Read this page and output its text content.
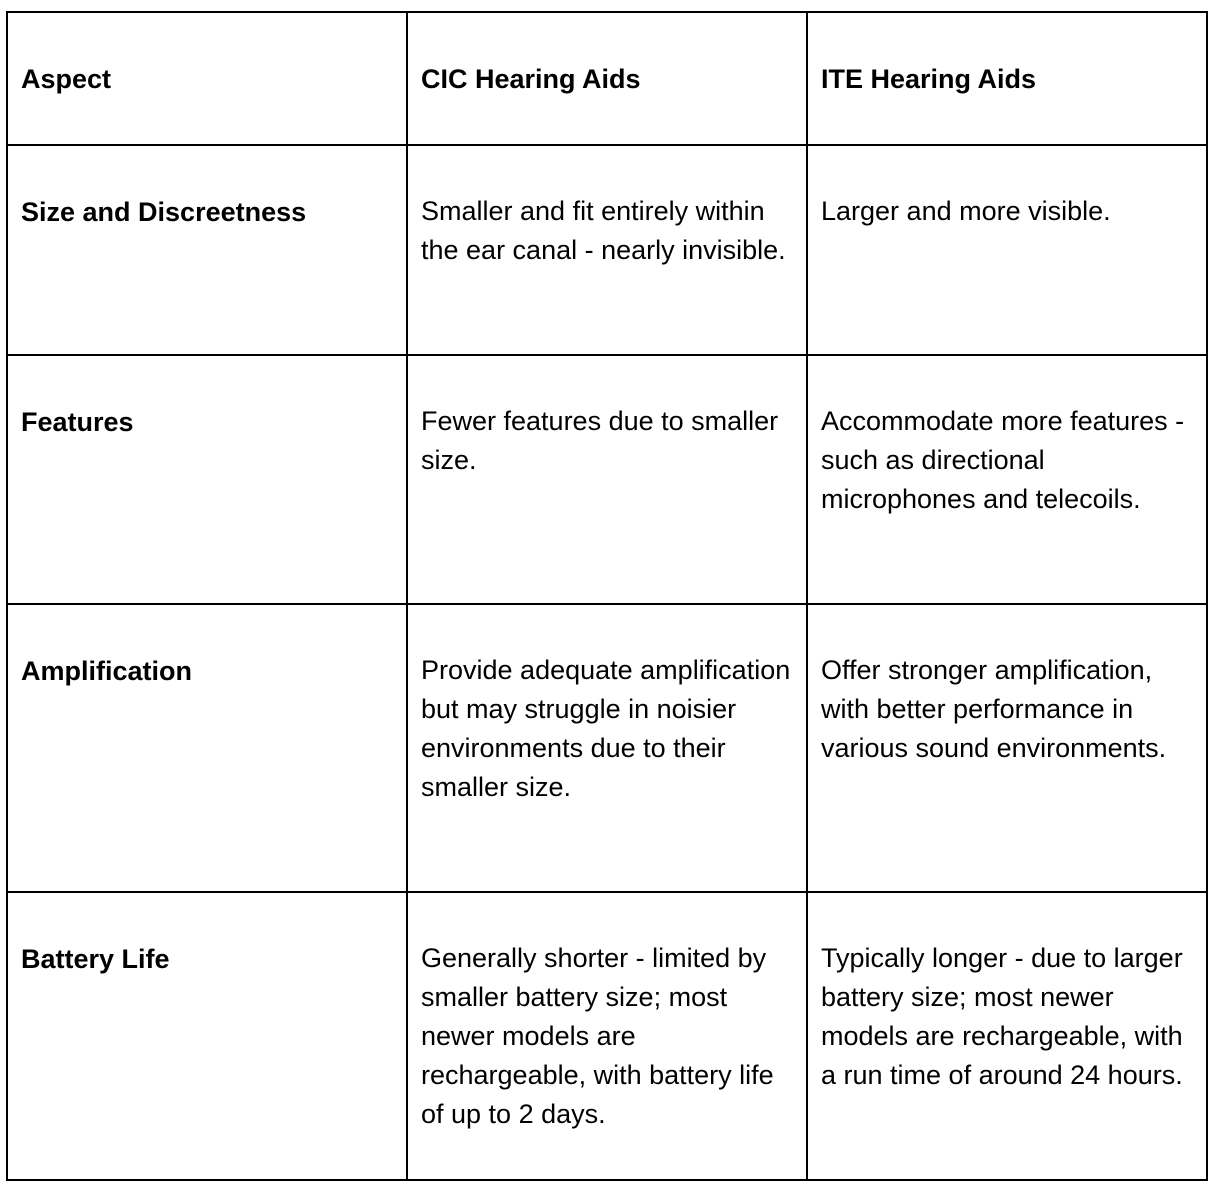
Aspect	CIC Hearing Aids	ITE Hearing Aids
Size and Discreetness	Smaller and fit entirely within the ear canal - nearly invisible.	Larger and more visible.
Features	Fewer features due to smaller size.	Accommodate more features - such as directional microphones and telecoils.
Amplification	Provide adequate amplification but may struggle in noisier environments due to their smaller size.	Offer stronger amplification, with better performance in various sound environments.
Battery Life	Generally shorter - limited by smaller battery size; most newer models are rechargeable, with battery life of up to 2 days.	Typically longer - due to larger battery size; most newer models are rechargeable, with a run time of around 24 hours.
